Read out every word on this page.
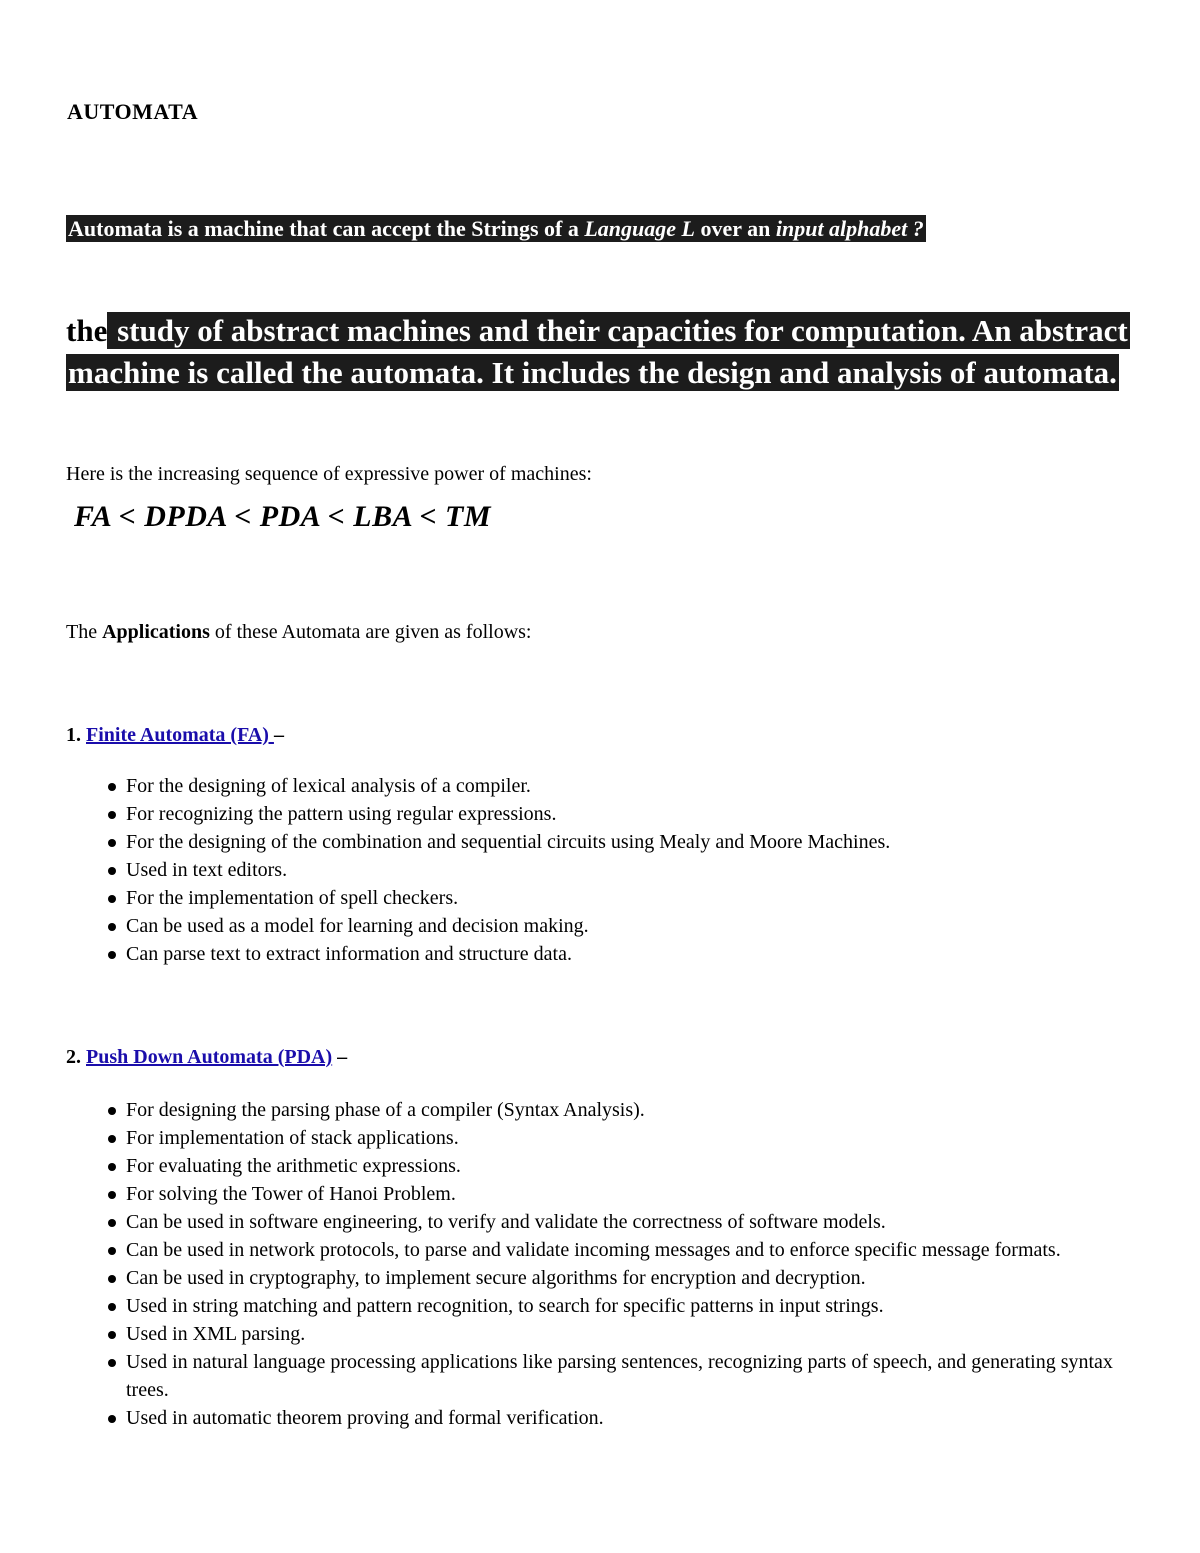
AUTOMATA

Automata is a machine that can accept the Strings of a Language L over an input alphabet ?

the study of abstract machines and their capacities for computation. An abstract machine is called the automata. It includes the design and analysis of automata.

Here is the increasing sequence of expressive power of machines:

FA < DPDA < PDA < LBA < TM

The Applications of these Automata are given as follows:

1. Finite Automata (FA) –
For the designing of lexical analysis of a compiler.
For recognizing the pattern using regular expressions.
For the designing of the combination and sequential circuits using Mealy and Moore Machines.
Used in text editors.
For the implementation of spell checkers.
Can be used as a model for learning and decision making.
Can parse text to extract information and structure data.
2. Push Down Automata (PDA) –
For designing the parsing phase of a compiler (Syntax Analysis).
For implementation of stack applications.
For evaluating the arithmetic expressions.
For solving the Tower of Hanoi Problem.
Can be used in software engineering, to verify and validate the correctness of software models.
Can be used in network protocols, to parse and validate incoming messages and to enforce specific message formats.
Can be used in cryptography, to implement secure algorithms for encryption and decryption.
Used in string matching and pattern recognition, to search for specific patterns in input strings.
Used in XML parsing.
Used in natural language processing applications like parsing sentences, recognizing parts of speech, and generating syntax trees.
Used in automatic theorem proving and formal verification.
